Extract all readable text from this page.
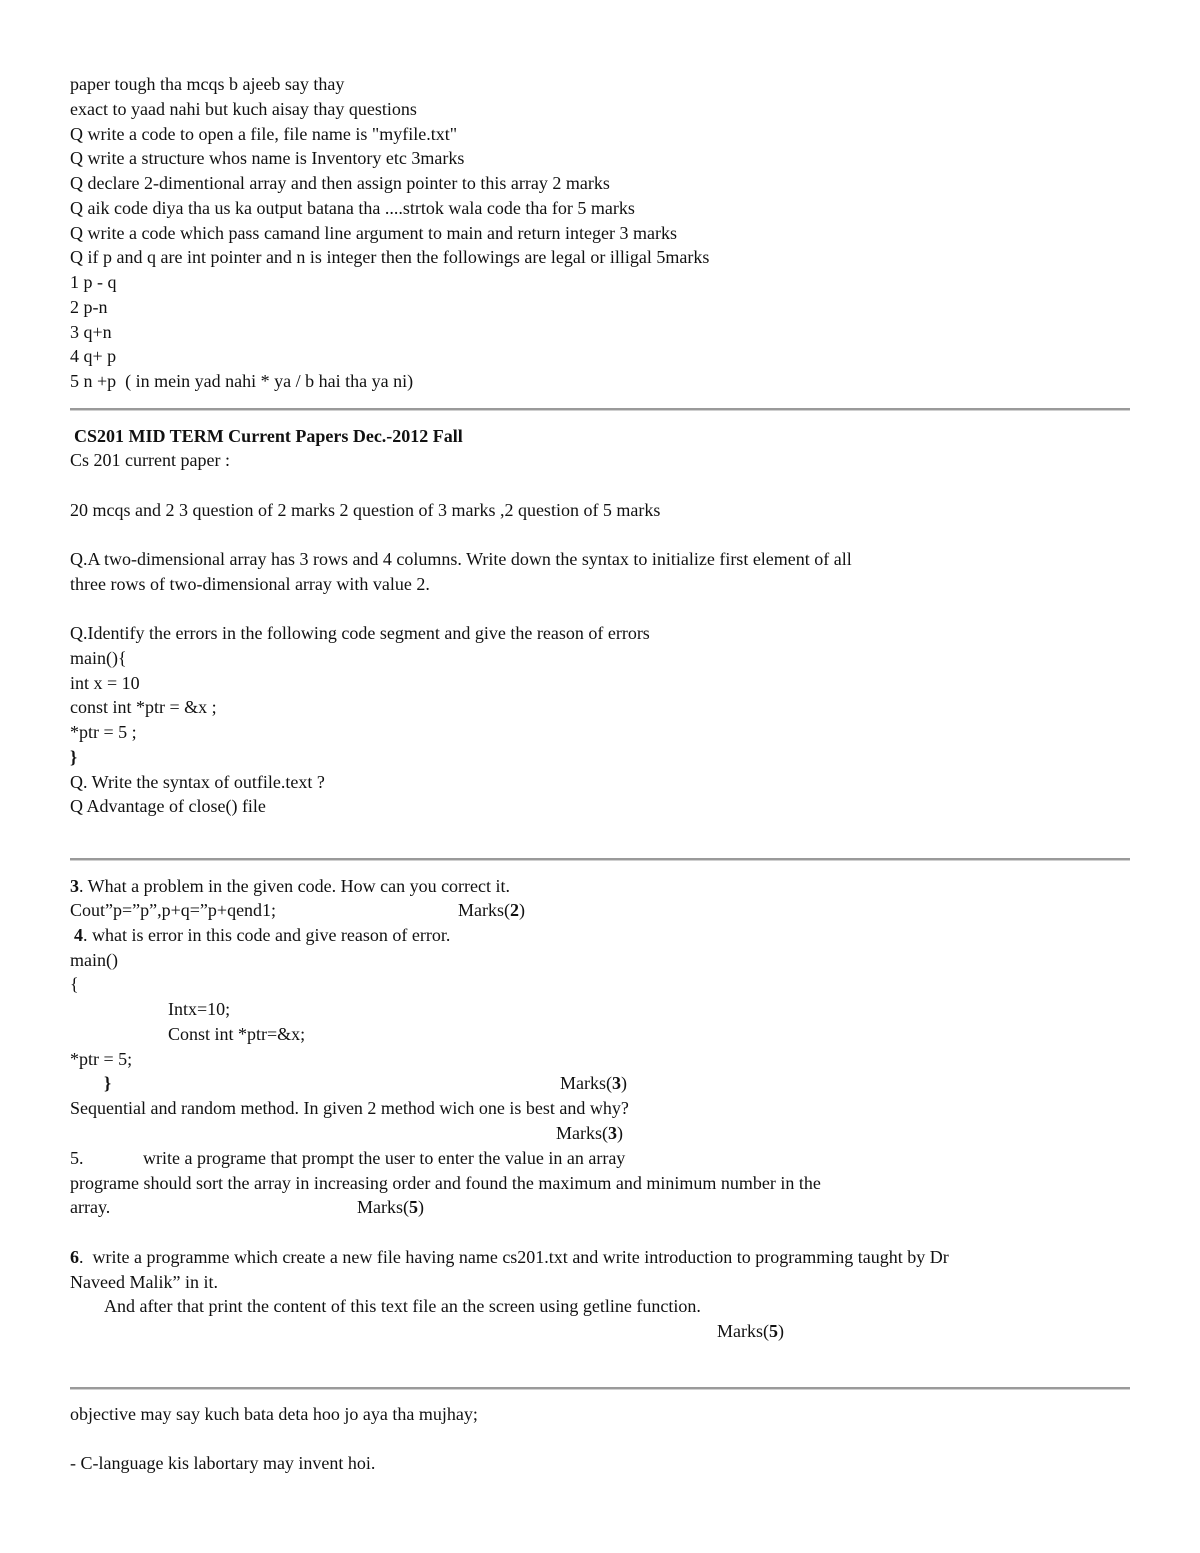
paper tough tha mcqs b ajeeb say thay
exact to yaad nahi but kuch aisay thay questions
Q write a code to open a file, file name is "myfile.txt"
Q write a structure whos name is Inventory etc 3marks
Q declare 2-dimentional array and then assign pointer to this array 2 marks
Q aik code diya tha us ka output batana tha ....strtok wala code tha for 5 marks
Q write a code which pass camand line argument to main and return integer 3 marks
Q if p and q are int pointer and n is integer then the followings are legal or illigal 5marks
1 p - q
2 p-n
3 q+n
4 q+ p
5 n +p  ( in mein yad nahi * ya / b hai tha ya ni)
CS201 MID TERM Current Papers Dec.-2012 Fall
Cs 201 current paper :
20 mcqs and 2 3 question of 2 marks 2 question of 3 marks ,2 question of 5 marks
Q.A two-dimensional array has 3 rows and 4 columns. Write down the syntax to initialize first element of all
three rows of two-dimensional array with value 2.
Q.Identify the errors in the following code segment and give the reason of errors
main(){
int x = 10
const int *ptr = &x ;
*ptr = 5 ;
}
Q. Write the syntax of outfile.text ?
Q Advantage of close() file
3. What a problem in the given code. How can you correct it.
Cout”p=”p”,p+q=”p+qend1;	Marks(2)
4. what is error in this code and give reason of error.
main()
{
Intx=10;
Const int *ptr=&x;
*ptr = 5;
}	Marks(3)
Sequential and random method. In given 2 method wich one is best and why?
Marks(3)
5.	write a programe that prompt the user to enter the value in an array
programe should sort the array in increasing order and found the maximum and minimum number in the
array.	Marks(5)
6.  write a programme which create a new file having name cs201.txt and write introduction to programming taught by Dr
Naveed Malik” in it.
And after that print the content of this text file an the screen using getline function.
Marks(5)
objective may say kuch bata deta hoo jo aya tha mujhay;
- C-language kis labortary may invent hoi.
